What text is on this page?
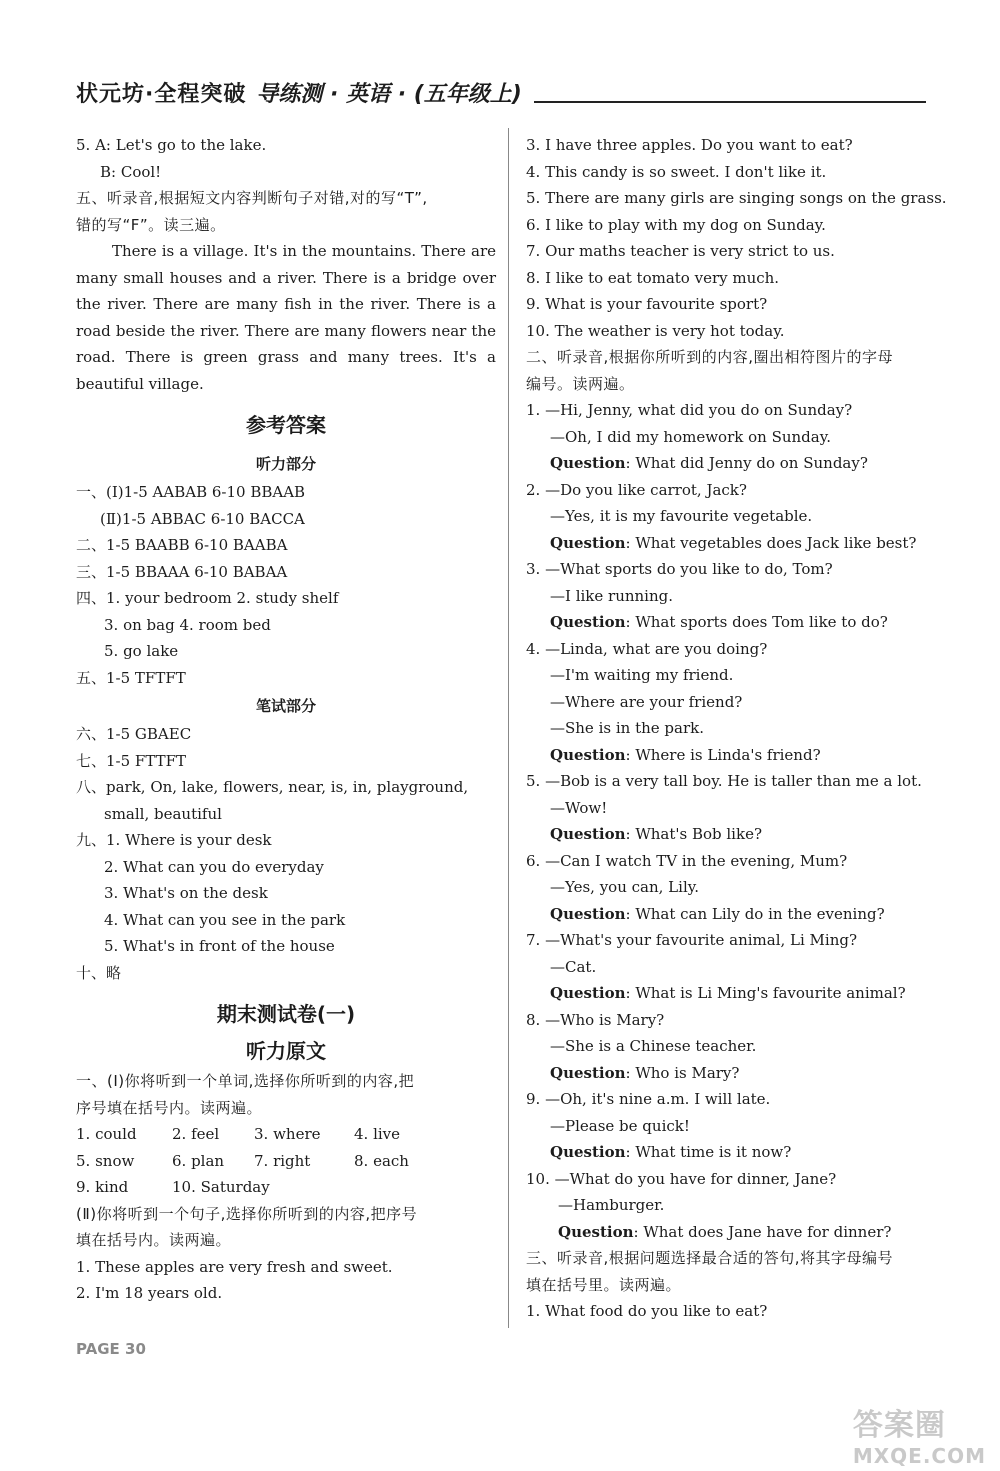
状元坊·全程突破 导练测 · 英语 · (五年级上)
5. A: Let's go to the lake.
B: Cool!
五、听录音,根据短文内容判断句子对错,对的写“T”,
错的写“F”。读三遍。
There is a village. It's in the mountains. There are many small houses and a river. There is a bridge over the river. There are many fish in the river. There is a road beside the river. There are many flowers near the road. There is green grass and many trees. It's a beautiful village.
参考答案
听力部分
一、(Ⅰ)1-5 AABAB 6-10 BBAAB
(Ⅱ)1-5 ABBAC 6-10 BACCA
二、1-5 BAABB 6-10 BAABA
三、1-5 BBAAA 6-10 BABAA
四、1. your bedroom 2. study shelf
3. on bag 4. room bed
5. go lake
五、1-5 TFTFT
笔试部分
六、1-5 GBAEC
七、1-5 FTTFT
八、park, On, lake, flowers, near, is, in, playground,
small, beautiful
九、1. Where is your desk
2. What can you do everyday
3. What's on the desk
4. What can you see in the park
5. What's in front of the house
十、略
期末测试卷(一)
听力原文
一、(Ⅰ)你将听到一个单词,选择你所听到的内容,把
序号填在括号内。读两遍。
1. could	2. feel	3. where	4. live
5. snow	6. plan	7. right	8. each
9. kind	10. Saturday
(Ⅱ)你将听到一个句子,选择你所听到的内容,把序号
填在括号内。读两遍。
1. These apples are very fresh and sweet.
2. I'm 18 years old.
3. I have three apples. Do you want to eat?
4. This candy is so sweet. I don't like it.
5. There are many girls are singing songs on the grass.
6. I like to play with my dog on Sunday.
7. Our maths teacher is very strict to us.
8. I like to eat tomato very much.
9. What is your favourite sport?
10. The weather is very hot today.
二、听录音,根据你所听到的内容,圈出相符图片的字母
编号。读两遍。
1. —Hi, Jenny, what did you do on Sunday?
—Oh, I did my homework on Sunday.
Question: What did Jenny do on Sunday?
2. —Do you like carrot, Jack?
—Yes, it is my favourite vegetable.
Question: What vegetables does Jack like best?
3. —What sports do you like to do, Tom?
—I like running.
Question: What sports does Tom like to do?
4. —Linda, what are you doing?
—I'm waiting my friend.
—Where are your friend?
—She is in the park.
Question: Where is Linda's friend?
5. —Bob is a very tall boy. He is taller than me a lot.
—Wow!
Question: What's Bob like?
6. —Can I watch TV in the evening, Mum?
—Yes, you can, Lily.
Question: What can Lily do in the evening?
7. —What's your favourite animal, Li Ming?
—Cat.
Question: What is Li Ming's favourite animal?
8. —Who is Mary?
—She is a Chinese teacher.
Question: Who is Mary?
9. —Oh, it's nine a.m. I will late.
—Please be quick!
Question: What time is it now?
10. —What do you have for dinner, Jane?
—Hamburger.
Question: What does Jane have for dinner?
三、听录音,根据问题选择最合适的答句,将其字母编号
填在括号里。读两遍。
1. What food do you like to eat?
PAGE 30
答案圈
MXQE.COM
